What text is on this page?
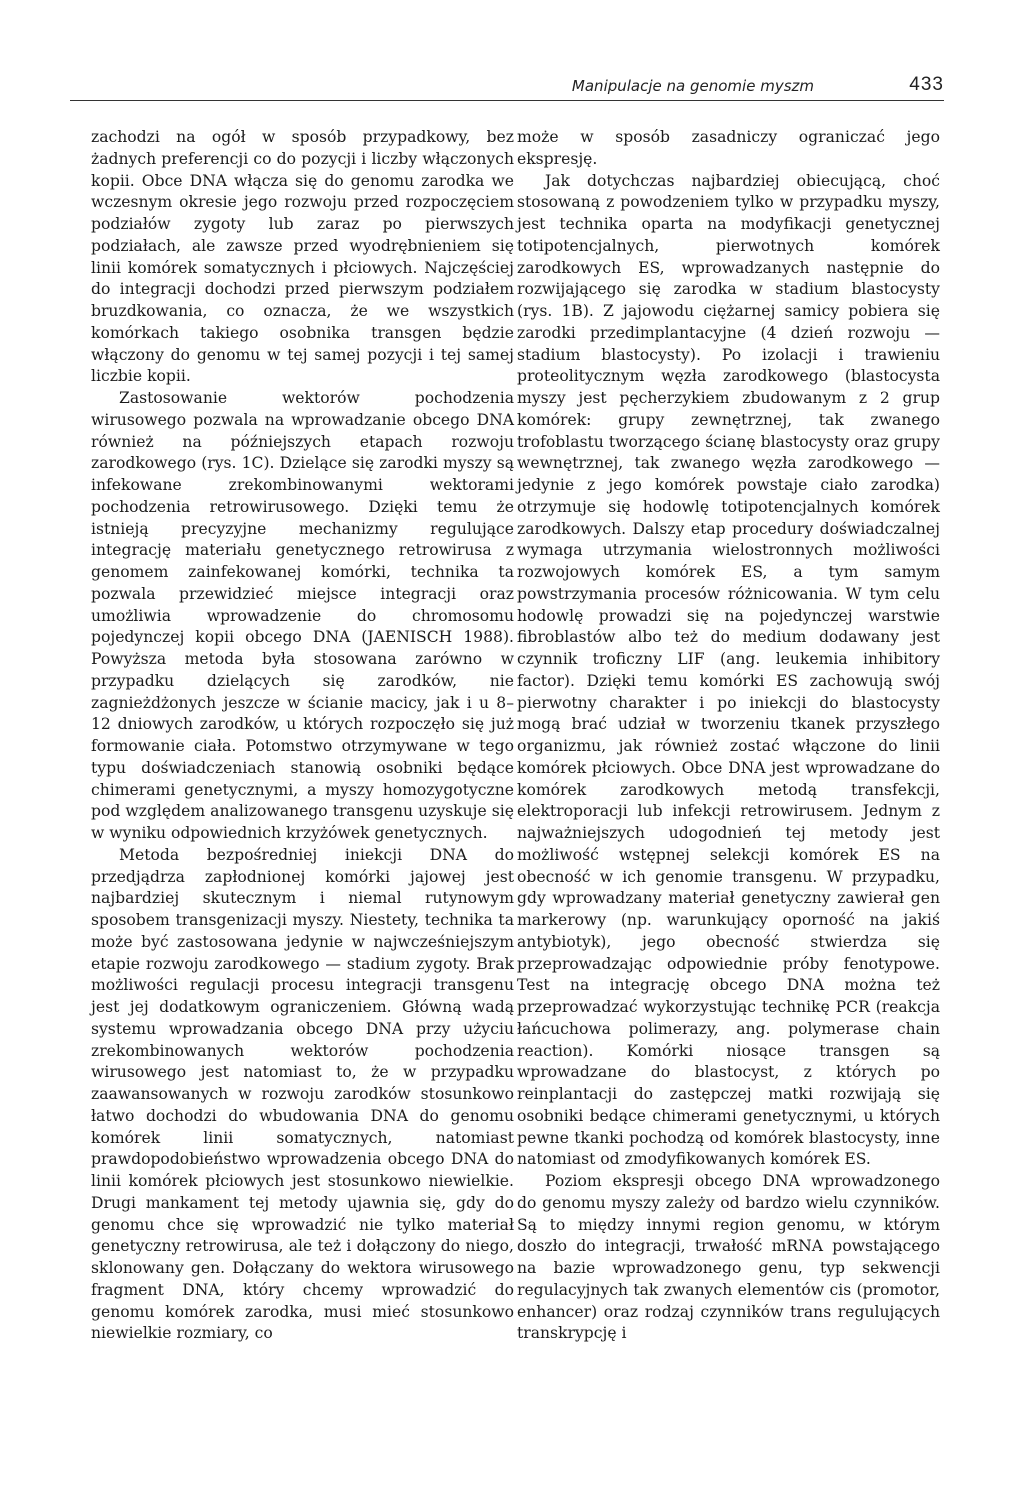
Manipulacje na genomie myszm	433

zachodzi na ogół w sposób przypadkowy, bez żadnych preferencji co do pozycji i liczby włączonych kopii. Obce DNA włącza się do genomu zarodka we wczesnym okresie jego rozwoju przed rozpoczęciem podziałów zygoty lub zaraz po pierwszych podziałach, ale zawsze przed wyodrębnieniem się linii komórek somatycznych i płciowych. Najczęściej do integracji dochodzi przed pierwszym podziałem bruzdkowania, co oznacza, że we wszystkich komórkach takiego osobnika transgen będzie włączony do genomu w tej samej pozycji i tej samej liczbie kopii.

Zastosowanie wektorów pochodzenia wirusowego pozwala na wprowadzanie obcego DNA również na późniejszych etapach rozwoju zarodkowego (rys. 1C). Dzielące się zarodki myszy są infekowane zrekombinowanymi wektorami pochodzenia retrowirusowego. Dzięki temu że istnieją precyzyjne mechanizmy regulujące integrację materiału genetycznego retrowirusa z genomem zainfekowanej komórki, technika ta pozwala przewidzieć miejsce integracji oraz umożliwia wprowadzenie do chromosomu pojedynczej kopii obcego DNA (JAENISCH 1988). Powyższa metoda była stosowana zarówno w przypadku dzielących się zarodków, nie zagnieżdżonych jeszcze w ścianie macicy, jak i u 8–12 dniowych zarodków, u których rozpoczęło się już formowanie ciała. Potomstwo otrzymywane w tego typu doświadczeniach stanowią osobniki będące chimerami genetycznymi, a myszy homozygotyczne pod względem analizowanego transgenu uzyskuje się w wyniku odpowiednich krzyżówek genetycznych.

Metoda bezpośredniej iniekcji DNA do przedjądrza zapłodnionej komórki jajowej jest najbardziej skutecznym i niemal rutynowym sposobem transgenizacji myszy. Niestety, technika ta może być zastosowana jedynie w najwcześniejszym etapie rozwoju zarodkowego — stadium zygoty. Brak możliwości regulacji procesu integracji transgenu jest jej dodatkowym ograniczeniem. Główną wadą systemu wprowadzania obcego DNA przy użyciu zrekombinowanych wektorów pochodzenia wirusowego jest natomiast to, że w przypadku zaawansowanych w rozwoju zarodków stosunkowo łatwo dochodzi do wbudowania DNA do genomu komórek linii somatycznych, natomiast prawdopodobieństwo wprowadzenia obcego DNA do linii komórek płciowych jest stosunkowo niewielkie. Drugi mankament tej metody ujawnia się, gdy do genomu chce się wprowadzić nie tylko materiał genetyczny retrowirusa, ale też i dołączony do niego, sklonowany gen. Dołączany do wektora wirusowego fragment DNA, który chcemy wprowadzić do genomu komórek zarodka, musi mieć stosunkowo niewielkie rozmiary, co

może w sposób zasadniczy ograniczać jego ekspresję.

Jak dotychczas najbardziej obiecującą, choć stosowaną z powodzeniem tylko w przypadku myszy, jest technika oparta na modyfikacji genetycznej totipotencjalnych, pierwotnych komórek zarodkowych ES, wprowadzanych następnie do rozwijającego się zarodka w stadium blastocysty (rys. 1B). Z jajowodu ciężarnej samicy pobiera się zarodki przedimplantacyjne (4 dzień rozwoju — stadium blastocysty). Po izolacji i trawieniu proteolitycznym węzła zarodkowego (blastocysta myszy jest pęcherzykiem zbudowanym z 2 grup komórek: grupy zewnętrznej, tak zwanego trofoblastu tworzącego ścianę blastocysty oraz grupy wewnętrznej, tak zwanego węzła zarodkowego — jedynie z jego komórek powstaje ciało zarodka) otrzymuje się hodowlę totipotencjalnych komórek zarodkowych. Dalszy etap procedury doświadczalnej wymaga utrzymania wielostronnych możliwości rozwojowych komórek ES, a tym samym powstrzymania procesów różnicowania. W tym celu hodowlę prowadzi się na pojedynczej warstwie fibroblastów albo też do medium dodawany jest czynnik troficzny LIF (ang. leukemia inhibitory factor). Dzięki temu komórki ES zachowują swój pierwotny charakter i po iniekcji do blastocysty mogą brać udział w tworzeniu tkanek przyszłego organizmu, jak również zostać włączone do linii komórek płciowych. Obce DNA jest wprowadzane do komórek zarodkowych metodą transfekcji, elektroporacji lub infekcji retrowirusem. Jednym z najważniejszych udogodnień tej metody jest możliwość wstępnej selekcji komórek ES na obecność w ich genomie transgenu. W przypadku, gdy wprowadzany materiał genetyczny zawierał gen markerowy (np. warunkujący oporność na jakiś antybiotyk), jego obecność stwierdza się przeprowadzając odpowiednie próby fenotypowe. Test na integrację obcego DNA można też przeprowadzać wykorzystując technikę PCR (reakcja łańcuchowa polimerazy, ang. polymerase chain reaction). Komórki niosące transgen są wprowadzane do blastocyst, z których po reinplantacji do zastępczej matki rozwijają się osobniki bedące chimerami genetycznymi, u których pewne tkanki pochodzą od komórek blastocysty, inne natomiast od zmodyfikowanych komórek ES.

Poziom ekspresji obcego DNA wprowadzonego do genomu myszy zależy od bardzo wielu czynników. Są to między innymi region genomu, w którym doszło do integracji, trwałość mRNA powstającego na bazie wprowadzonego genu, typ sekwencji regulacyjnych tak zwanych elementów cis (promotor, enhancer) oraz rodzaj czynników trans regulujących transkrypcję i
